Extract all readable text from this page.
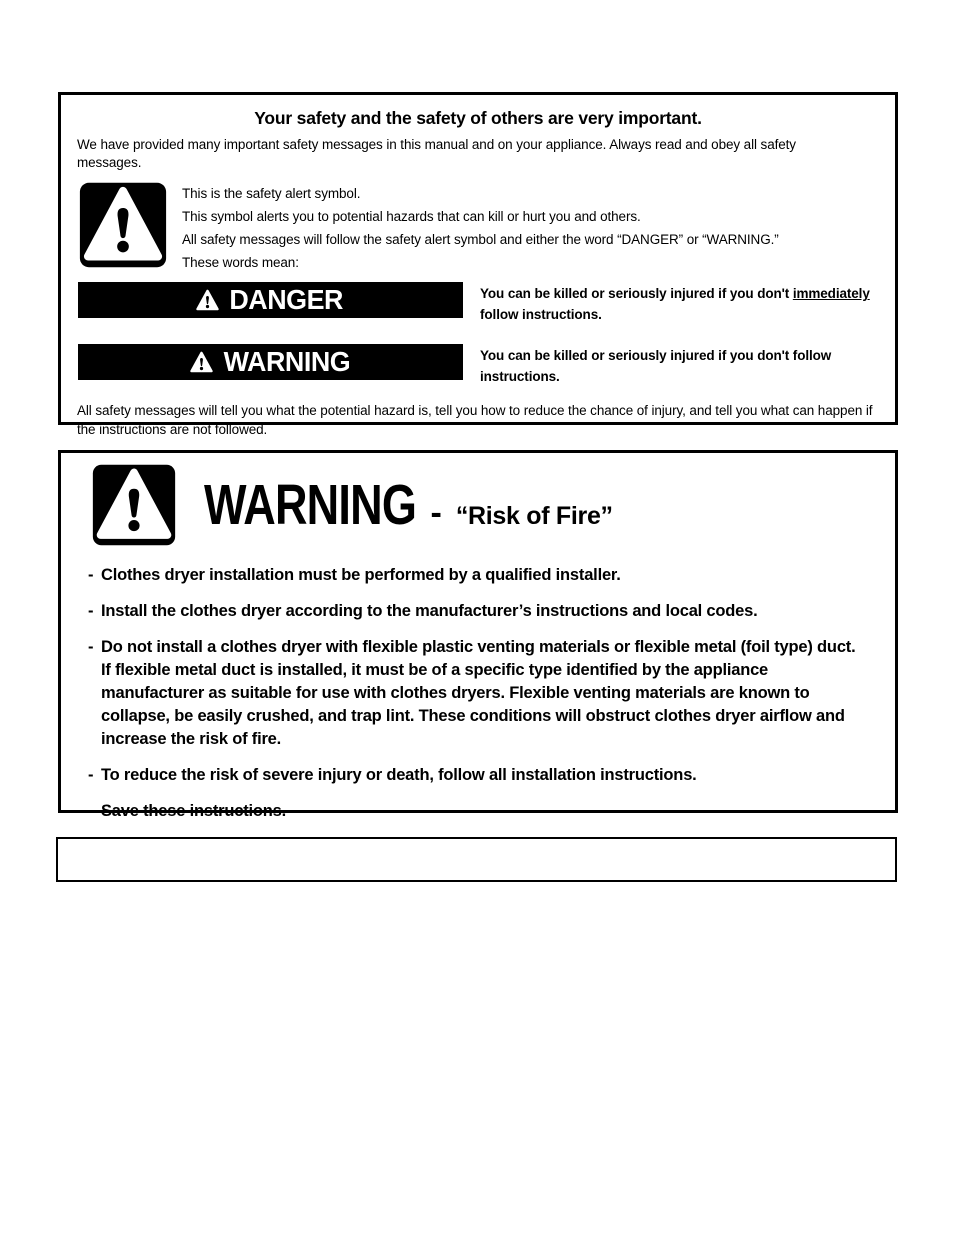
Your safety and the safety of others are very important.

We have provided many important safety messages in this manual and on your appliance. Always read and obey all safety messages.

This is the safety alert symbol.
This symbol alerts you to potential hazards that can kill or hurt you and others.
All safety messages will follow the safety alert symbol and either the word “DANGER” or “WARNING.”
These words mean:
DANGER	You can be killed or seriously injured if you don't immediately follow instructions.

WARNING	You can be killed or seriously injured if you don't follow instructions.

All safety messages will tell you what the potential hazard is, tell you how to reduce the chance of injury, and tell you what can happen if the instructions are not followed.

WARNING - “Risk of Fire”
- Clothes dryer installation must be performed by a qualified installer.
- Install the clothes dryer according to the manufacturer’s instructions and local codes.
- Do not install a clothes dryer with flexible plastic venting materials or flexible metal (foil type) duct. If flexible metal duct is installed, it must be of a specific type identified by the appliance manufacturer as suitable for use with clothes dryers. Flexible venting materials are known to collapse, be easily crushed, and trap lint. These conditions will obstruct clothes dryer airflow and increase the risk of fire.
- To reduce the risk of severe injury or death, follow all installation instructions.
- Save these instructions.
